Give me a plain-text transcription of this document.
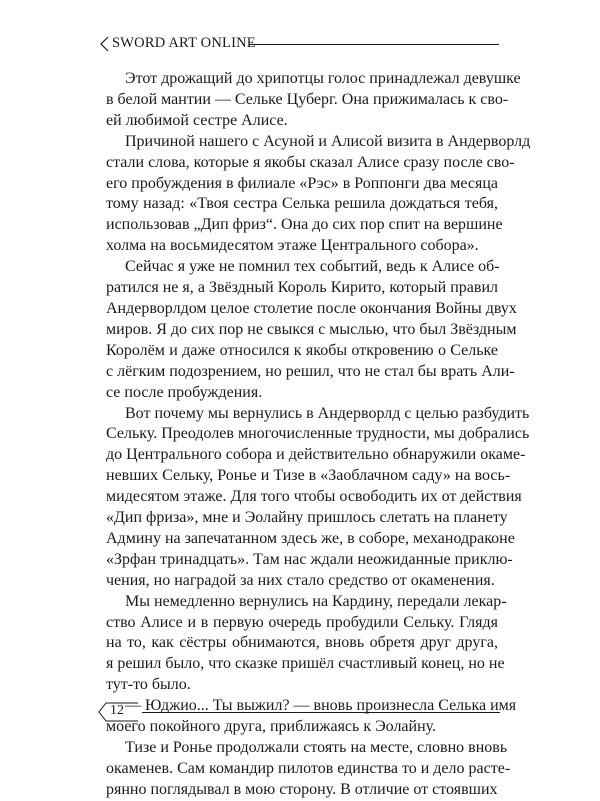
SWORD ART ONLINE

Этот дрожащий до хрипотцы голос принадлежал девушке
в белой мантии — Сельке Цуберг. Она прижималась к сво-
ей любимой сестре Алисе.

Причиной нашего с Асуной и Алисой визита в Андерворлд
стали слова, которые я якобы сказал Алисе сразу после сво-
его пробуждения в филиале «Рэс» в Роппонги два месяца
тому назад: «Твоя сестра Селька решила дождаться тебя,
использовав „Дип фриз“. Она до сих пор спит на вершине
холма на восьмидесятом этаже Центрального собора».

Сейчас я уже не помнил тех событий, ведь к Алисе об-
ратился не я, а Звёздный Король Кирито, который правил
Андерворлдом целое столетие после окончания Войны двух
миров. Я до сих пор не свыкся с мыслью, что был Звёздным
Королём и даже относился к якобы откровению о Сельке
с лёгким подозрением, но решил, что не стал бы врать Али-
се после пробуждения.

Вот почему мы вернулись в Андерворлд с целью разбудить
Сельку. Преодолев многочисленные трудности, мы добрались
до Центрального собора и действительно обнаружили окаме-
невших Сельку, Ронье и Тизе в «Заоблачном саду» на вось-
мидесятом этаже. Для того чтобы освободить их от действия
«Дип фриза», мне и Эолайну пришлось слетать на планету
Админу на запечатанном здесь же, в соборе, механодраконе
«Зрфан тринадцать». Там нас ждали неожиданные приклю-
чения, но наградой за них стало средство от окаменения.

Мы немедленно вернулись на Кардину, передали лекар-
ство Алисе и в первую очередь пробудили Сельку. Глядя
на то, как сёстры обнимаются, вновь обретя друг друга,
я решил было, что сказке пришёл счастливый конец, но не
тут-то было.

— Юджио... Ты выжил? — вновь произнесла Селька имя
моего покойного друга, приближаясь к Эолайну.

Тизе и Ронье продолжали стоять на месте, словно вновь
окаменев. Сам командир пилотов единства то и дело растe-
рянно поглядывал в мою сторону. В отличие от стоявших

12
